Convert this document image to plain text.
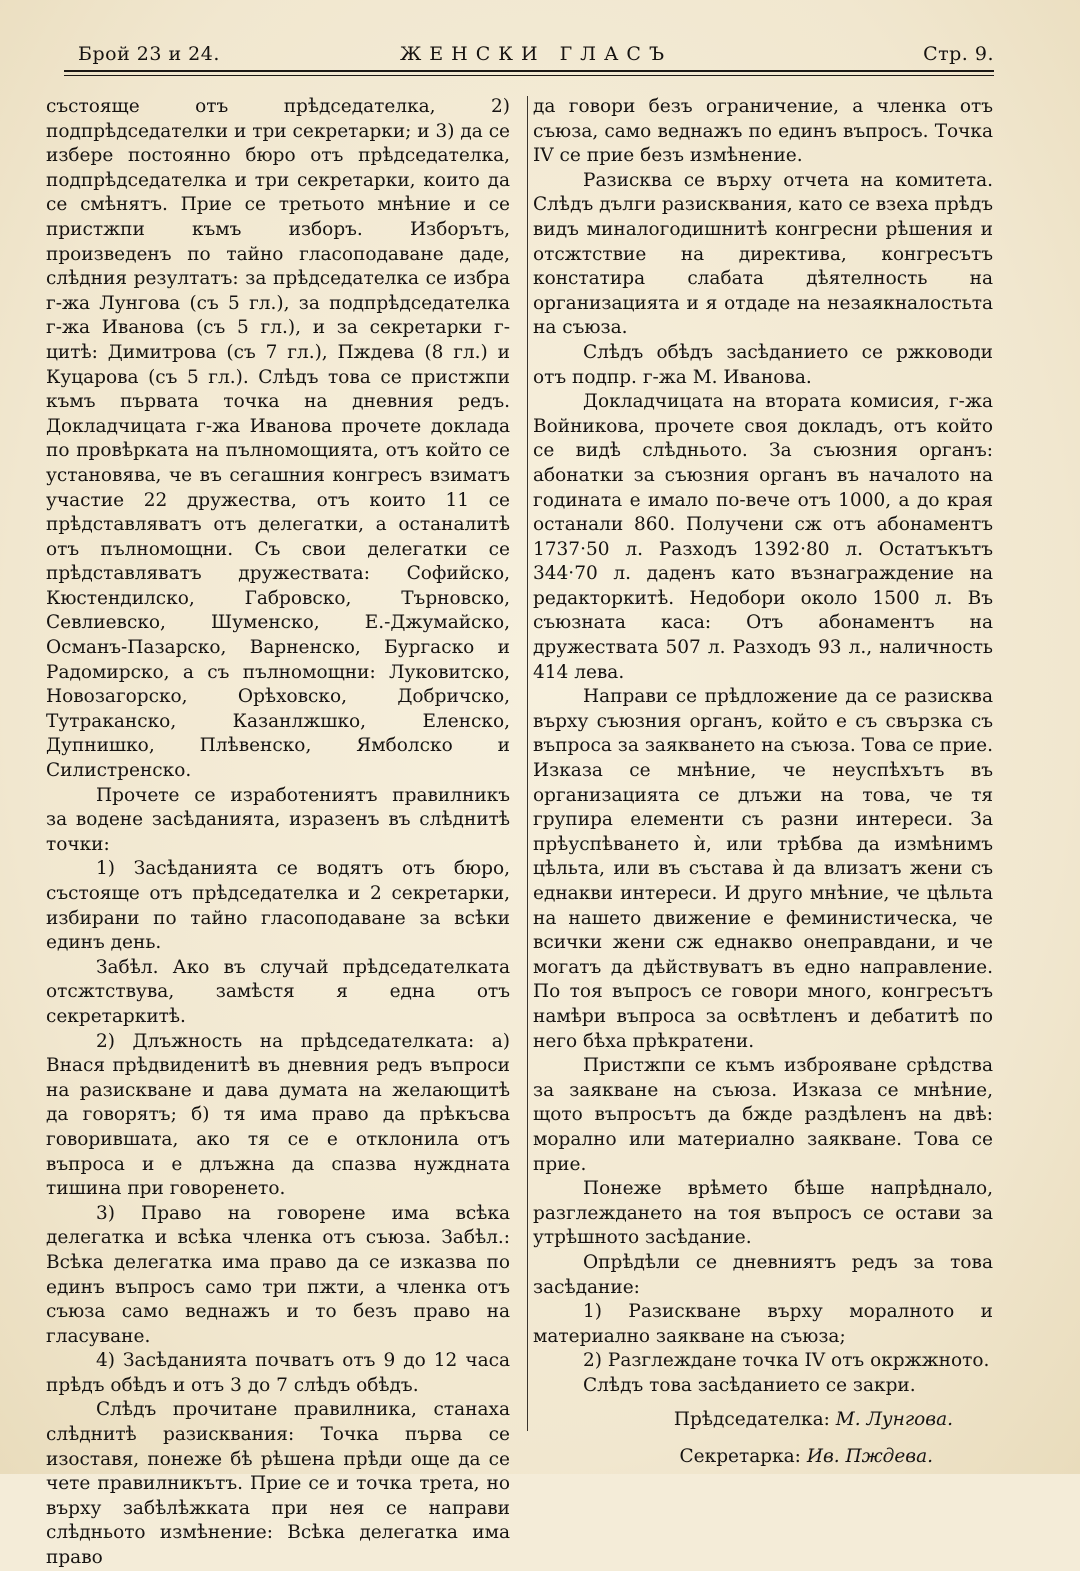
Брой 23 и 24.	ЖЕНСКИ ГЛАСЪ	Стр. 9.

състояще отъ прѣдседателка, 2) подпрѣдседателки и три секретарки; и 3) да се избере постоянно бюро отъ прѣдседателка, подпрѣдседателка и три секретарки, които да се смѣнятъ. Прие се третьото мнѣние и се пристжпи къмъ изборъ. Изборътъ, произведенъ по тайно гласоподаване даде, слѣдния резултатъ: за прѣдседателка се избра г-жа Лунгова (съ 5 гл.), за подпрѣдседателка г-жа Иванова (съ 5 гл.), и за секретарки г-цитѣ: Димитрова (съ 7 гл.), Пждева (8 гл.) и Куцарова (съ 5 гл.). Слѣдъ това се пристжпи къмъ първата точка на дневния редъ. Докладчицата г-жа Иванова прочете доклада по провѣрката на пълномощията, отъ който се установява, че въ сегашния конгресъ взиматъ участие 22 дружества, отъ които 11 се прѣдставляватъ отъ делегатки, а останалитѣ отъ пълномощни. Съ свои делегатки се прѣдставляватъ дружествата: Софийско, Кюстендилско, Габровско, Търновско, Севлиевско, Шуменско, Е.-Джумайско, Османъ-Пазарско, Варненско, Бургаско и Радомирско, а съ пълномощни: Луковитско, Новозагорско, Орѣховско, Добричско, Тутраканско, Казанлжшко, Еленско, Дупнишко, Плѣвенско, Ямболско и Силистренско.

Прочете се изработениятъ правилникъ за водене засѣданията, изразенъ въ слѣднитѣ точки:

1) Засѣданията се водятъ отъ бюро, състояще отъ прѣдседателка и 2 секретарки, избирани по тайно гласоподаване за всѣки единъ день.

Забѣл. Ако въ случай прѣдседателката отсжтствува, замѣстя я една отъ секретаркитѣ.

2) Длъжность на прѣдседателката: а) Внася прѣдвиденитѣ въ дневния редъ въпроси на разискване и дава думата на желающитѣ да говорятъ; б) тя има право да прѣкъсва говорившата, ако тя се е отклонила отъ въпроса и е длъжна да спазва нуждната тишина при говоренето.

3) Право на говорене има всѣка делегатка и всѣка членка отъ съюза. Забѣл.: Всѣка делегатка има право да се изказва по единъ въпросъ само три пжти, а членка отъ съюза само веднажъ и то безъ право на гласуване.

4) Засѣданията почватъ отъ 9 до 12 часа прѣдъ обѣдъ и отъ 3 до 7 слѣдъ обѣдъ.

Слѣдъ прочитане правилника, станаха слѣднитѣ разисквания: Точка първа се изоставя, понеже бѣ рѣшена прѣди още да се чете правилникътъ. Прие се и точка трета, но върху забѣлѣжката при нея се направи слѣдньото измѣнение: Всѣка делегатка има право

да говори безъ ограничение, а членка отъ съюза, само веднажъ по единъ въпросъ. Точка IV се прие безъ измѣнение.

Разисква се върху отчета на комитета. Слѣдъ дълги разисквания, като се взеха прѣдъ видъ миналогодишнитѣ конгресни рѣшения и отсжтствие на директива, конгресътъ констатира слабата дѣятелность на организацията и я отдаде на незаякналостьта на съюза.

Слѣдъ обѣдъ засѣданието се ржководи отъ подпр. г-жа М. Иванова.

Докладчицата на втората комисия, г-жа Войникова, прочете своя докладъ, отъ който се видѣ слѣдньото. За съюзния органъ: абонатки за съюзния органъ въ началото на годината е имало по-вече отъ 1000, а до края останали 860. Получени сж отъ абонаментъ 1737·50 л. Разходъ 1392·80 л. Остатъкътъ 344·70 л. даденъ като възнаграждение на редакторкитѣ. Недобори около 1500 л. Въ съюзната каса: Отъ абонаментъ на дружествата 507 л. Разходъ 93 л., наличность 414 лева.

Направи се прѣдложение да се разисква върху съюзния органъ, който е съ свързка съ въпроса за заякването на съюза. Това се прие. Изказа се мнѣние, че неуспѣхътъ въ организацията се длъжи на това, че тя групира елементи съ разни интереси. За прѣуспѣването ѝ, или трѣбва да измѣнимъ цѣльта, или въ състава ѝ да влизатъ жени съ еднакви интереси. И друго мнѣние, че цѣльта на нашето движение е феминистическа, че всички жени сж еднакво онеправдани, и че могатъ да дѣйствуватъ въ едно направление. По тоя въпросъ се говори много, конгресътъ намѣри въпроса за освѣтленъ и дебатитѣ по него бѣха прѣкратени.

Пристжпи се къмъ изброяване срѣдства за заякване на съюза. Изказа се мнѣние, щото въпросътъ да бжде раздѣленъ на двѣ: морално или материално заякване. Това се прие.

Понеже врѣмето бѣше напрѣднало, разглеждането на тоя въпросъ се остави за утрѣшното засѣдание.

Опрѣдѣли се дневниятъ редъ за това засѣдание:

1) Разискване върху моралното и материално заякване на съюза;

2) Разглеждане точка IV отъ окржжното.

Слѣдъ това засѣданието се закри.

Прѣдседателка: М. Лунгова.

Секретарка: Ив. Пждева.
